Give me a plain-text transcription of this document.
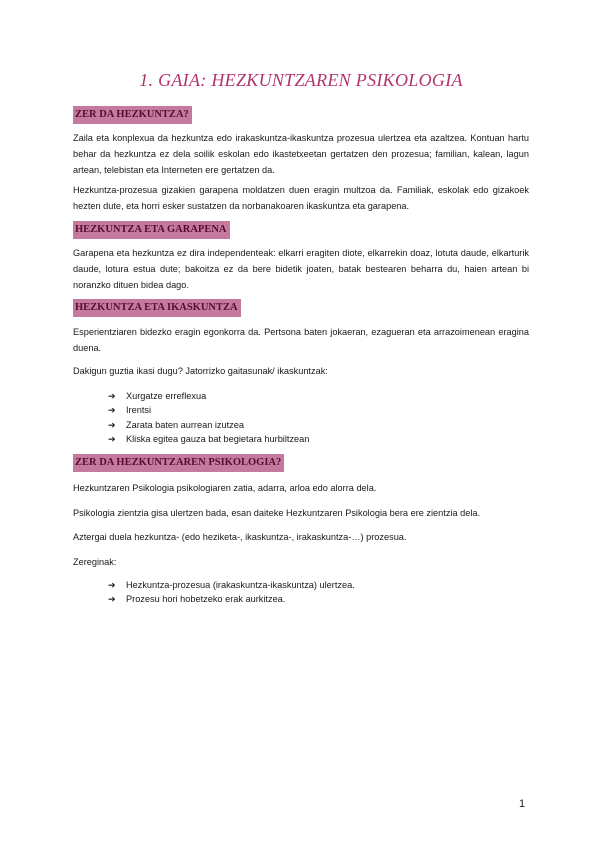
1. GAIA: HEZKUNTZAREN PSIKOLOGIA
ZER DA HEZKUNTZA?

Zaila eta konplexua da hezkuntza edo irakaskuntza-ikaskuntza prozesua ulertzea eta azaltzea. Kontuan hartu behar da hezkuntza ez dela soilik eskolan edo ikastetxeetan gertatzen den prozesua; familian, kalean, lagun artean, telebistan eta Interneten ere gertatzen da.

Hezkuntza-prozesua gizakien garapena moldatzen duen eragin multzoa da. Familiak, eskolak edo gizakoek hezten dute, eta horri esker sustatzen da norbanakoaren ikaskuntza eta garapena.

HEZKUNTZA ETA GARAPENA

Garapena eta hezkuntza ez dira independenteak: elkarri eragiten diote, elkarrekin doaz, lotuta daude, elkarturik daude, lotura estua dute; bakoitza ez da bere bidetik joaten, batak bestearen beharra du, haien artean bi noranzko dituen bidea dago.

HEZKUNTZA ETA IKASKUNTZA

Esperientziaren bidezko eragin egonkorra da. Pertsona baten jokaeran, ezagueran eta arrazoimenean eragina duena.

Dakigun guztia ikasi dugu? Jatorrizko gaitasunak/ ikaskuntzak:

➔	Xurgatze erreflexua
➔	Irentsi
➔	Zarata baten aurrean izutzea
➔	Kliska egitea gauza bat begietara hurbiltzean
ZER DA HEZKUNTZAREN PSIKOLOGIA?

Hezkuntzaren Psikologia psikologiaren zatia, adarra, arloa edo alorra dela.

Psikologia zientzia gisa ulertzen bada, esan daiteke Hezkuntzaren Psikologia bera ere zientzia dela.

Aztergai duela hezkuntza- (edo heziketa-, ikaskuntza-, irakaskuntza-…) prozesua.

Zereginak:

➔	Hezkuntza-prozesua (irakaskuntza-ikaskuntza) ulertzea.
➔	Prozesu hori hobetzeko erak aurkitzea.
1
